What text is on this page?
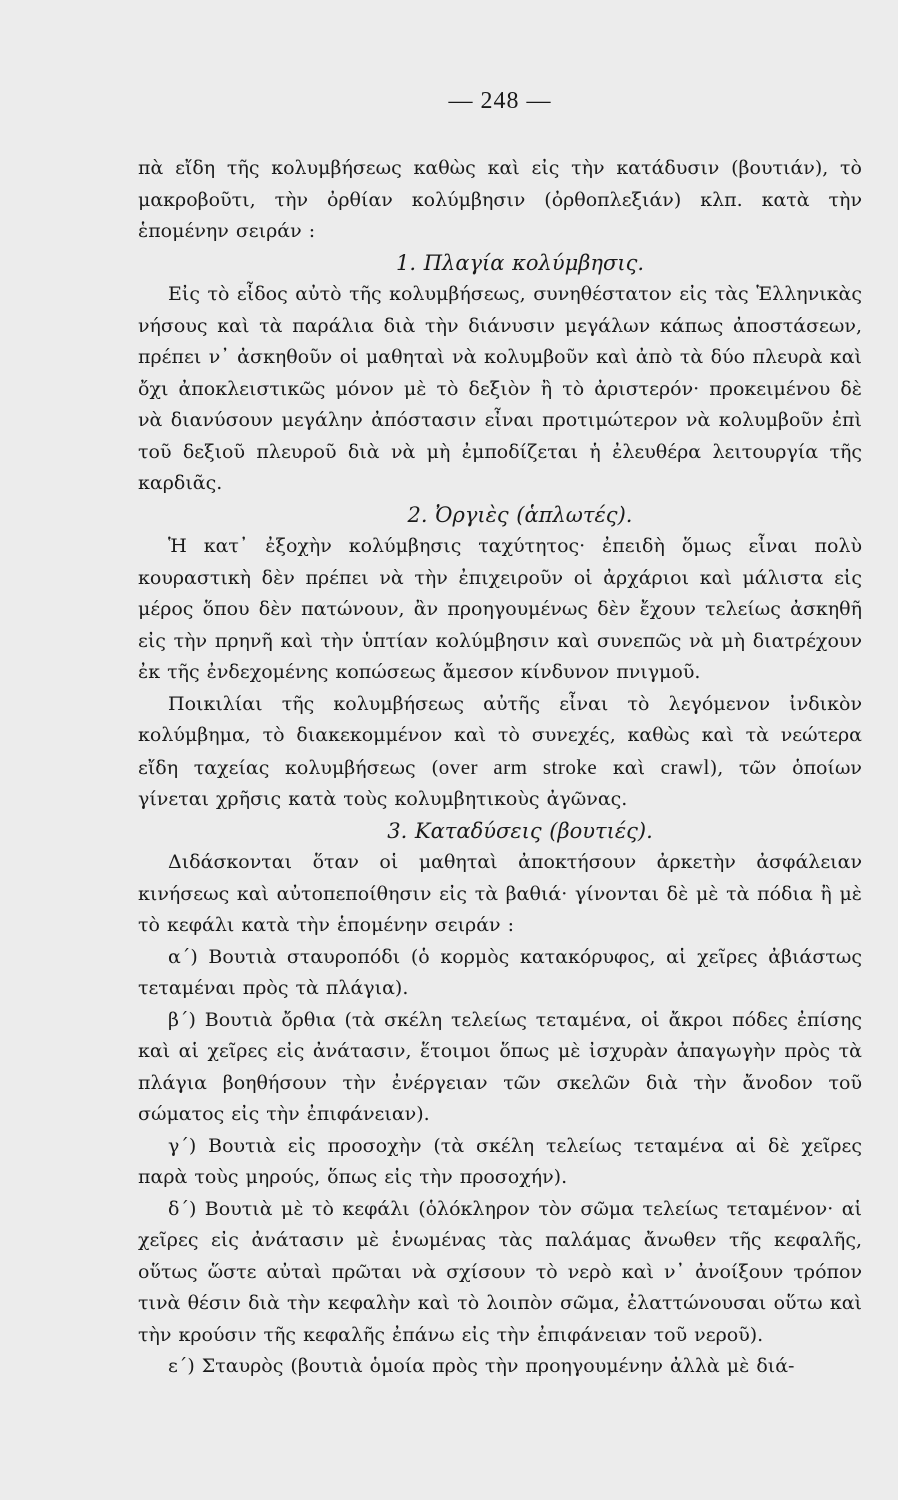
— 248 —

πὰ εἴδη τῆς κολυμβήσεως καθὼς καὶ εἰς τὴν κατάδυσιν (βουτιάν), τὸ μακροβοῦτι, τὴν ὀρθίαν κολύμβησιν (ὀρθοπλεξιάν) κλπ. κατὰ τὴν ἑπομένην σειράν :

1. Πλαγία κολύμβησις.

Εἰς τὸ εἶδος αὐτὸ τῆς κολυμβήσεως, συνηθέστατον εἰς τὰς Ἑλληνικὰς νήσους καὶ τὰ παράλια διὰ τὴν διάνυσιν μεγάλων κάπως ἀποστάσεων, πρέπει ν᾽ ἀσκηθοῦν οἱ μαθηταὶ νὰ κολυμβοῦν καὶ ἀπὸ τὰ δύο πλευρὰ καὶ ὄχι ἀποκλειστικῶς μόνον μὲ τὸ δεξιὸν ἢ τὸ ἀριστερόν· προκειμένου δὲ νὰ διανύσουν μεγάλην ἀπόστασιν εἶναι προτιμώτερον νὰ κολυμβοῦν ἐπὶ τοῦ δεξιοῦ πλευροῦ διὰ νὰ μὴ ἐμποδίζεται ἡ ἐλευθέρα λειτουργία τῆς καρδιᾶς.

2. Ὀργιὲς (ἁπλωτές).

Ἡ κατ᾽ ἐξοχὴν κολύμβησις ταχύτητος· ἐπειδὴ ὅμως εἶναι πολὺ κουραστικὴ δὲν πρέπει νὰ τὴν ἐπιχειροῦν οἱ ἀρχάριοι καὶ μάλιστα εἰς μέρος ὅπου δὲν πατώνουν, ἂν προηγουμένως δὲν ἔχουν τελείως ἀσκηθῆ εἰς τὴν πρηνῆ καὶ τὴν ὑπτίαν κολύμβησιν καὶ συνεπῶς νὰ μὴ διατρέχουν ἐκ τῆς ἐνδεχομένης κοπώσεως ἄμεσον κίνδυνον πνιγμοῦ.

Ποικιλίαι τῆς κολυμβήσεως αὐτῆς εἶναι τὸ λεγόμενον ἰνδικὸν κολύμβημα, τὸ διακεκομμένον καὶ τὸ συνεχές, καθὼς καὶ τὰ νεώτερα εἴδη ταχείας κολυμβήσεως (over arm stroke καὶ crawl), τῶν ὁποίων γίνεται χρῆσις κατὰ τοὺς κολυμβητικοὺς ἀγῶνας.

3. Καταδύσεις (βουτιές).

Διδάσκονται ὅταν οἱ μαθηταὶ ἀποκτήσουν ἀρκετὴν ἀσφάλειαν κινήσεως καὶ αὐτοπεποίθησιν εἰς τὰ βαθιά· γίνονται δὲ μὲ τὰ πόδια ἢ μὲ τὸ κεφάλι κατὰ τὴν ἑπομένην σειράν :

α´) Βουτιὰ σταυροπόδι (ὁ κορμὸς κατακόρυφος, αἱ χεῖρες ἀβιάστως τεταμέναι πρὸς τὰ πλάγια).

β´) Βουτιὰ ὄρθια (τὰ σκέλη τελείως τεταμένα, οἱ ἄκροι πόδες ἐπίσης καὶ αἱ χεῖρες εἰς ἀνάτασιν, ἕτοιμοι ὅπως μὲ ἰσχυρὰν ἀπαγωγὴν πρὸς τὰ πλάγια βοηθήσουν τὴν ἐνέργειαν τῶν σκελῶν διὰ τὴν ἄνοδον τοῦ σώματος εἰς τὴν ἐπιφάνειαν).

γ´) Βουτιὰ εἰς προσοχὴν (τὰ σκέλη τελείως τεταμένα αἱ δὲ χεῖρες παρὰ τοὺς μηρούς, ὅπως εἰς τὴν προσοχήν).

δ´) Βουτιὰ μὲ τὸ κεφάλι (ὁλόκληρον τὸν σῶμα τελείως τεταμένον· αἱ χεῖρες εἰς ἀνάτασιν μὲ ἑνωμένας τὰς παλάμας ἄνωθεν τῆς κεφαλῆς, οὕτως ὥστε αὐταὶ πρῶται νὰ σχίσουν τὸ νερὸ καὶ ν᾽ ἀνοίξουν τρόπον τινὰ θέσιν διὰ τὴν κεφαλὴν καὶ τὸ λοιπὸν σῶμα, ἐλαττώνουσαι οὕτω καὶ τὴν κρούσιν τῆς κεφαλῆς ἐπάνω εἰς τὴν ἐπιφάνειαν τοῦ νεροῦ).

ε´) Σταυρὸς (βουτιὰ ὁμοία πρὸς τὴν προηγουμένην ἀλλὰ μὲ διά-
